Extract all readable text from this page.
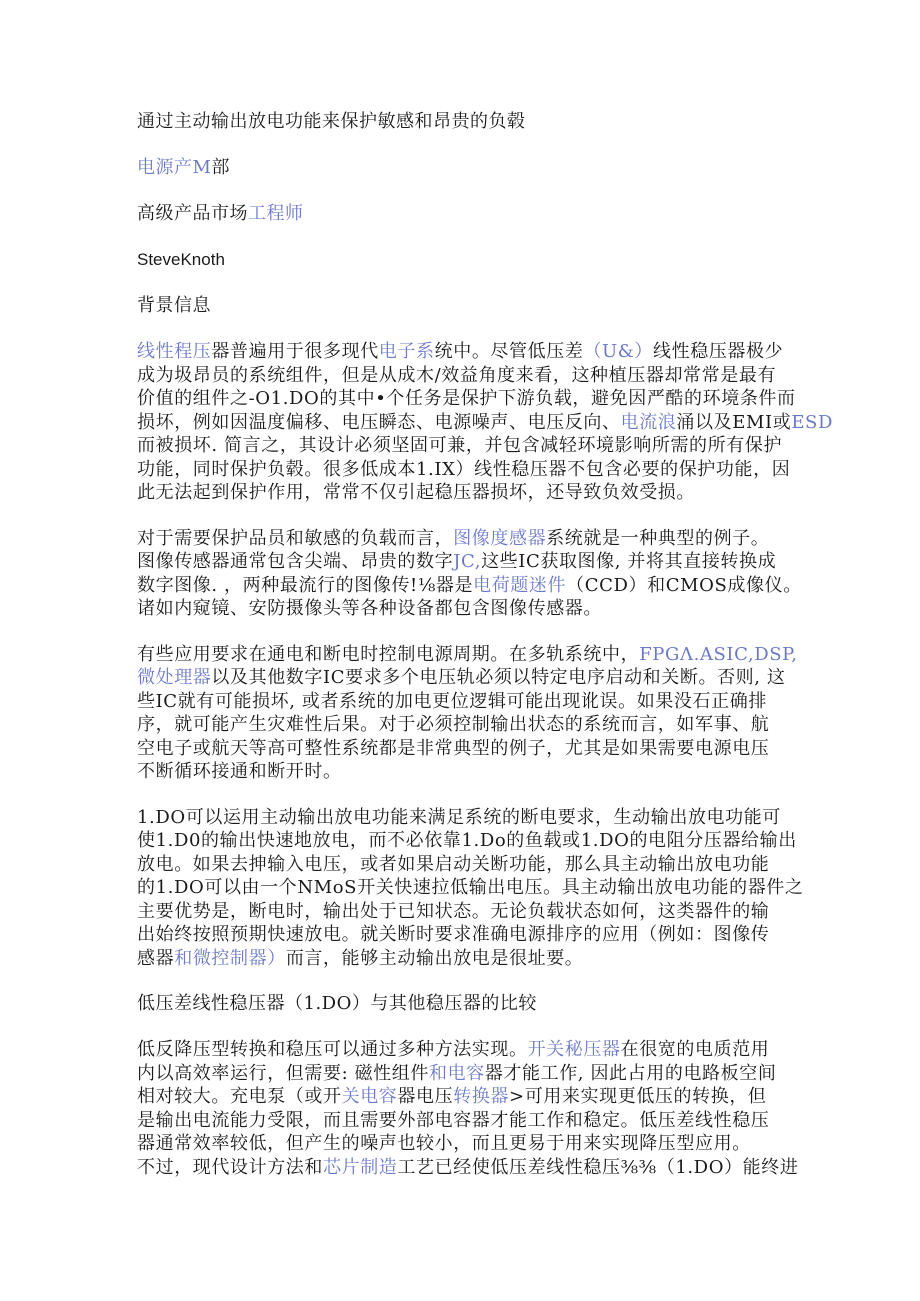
通过主动输出放电功能来保护敏感和昂贵的负毂

电源产M部

高级产品市场工程师

SteveKnoth

背景信息

线性程压器普遍用于很多现代电子系统中。尽管低压差（U&）线性稳压器极少

成为圾昂员的系统组件，但是从成木/效益角度来看，这种植压器却常常是最有

价值的组件之-O1.DO的其中•个任务是保护下游负载，避免因严酷的环境条件而

损坏，例如因温度偏移、电压瞬态、电源噪声、电压反向、电流浪涌以及EMI或ESD

而被损坏. 简言之，其设计必须坚固可兼，并包含减轻环境影响所需的所有保护

功能，同时保护负毂。很多低成本1.IX）线性稳压器不包含必要的保护功能，因

此无法起到保护作用，常常不仅引起稳压器损坏，还导致负效受损。

对于需要保护品员和敏感的负载而言，图像度感器系统就是一种典型的例子。

图像传感器通常包含尖端、昂贵的数字JC,这些IC获取图像, 并将其直接转换成

数字图像. ，两种最流行的图像传!⅛器是电荷题迷件（CCD）和CMOS成像仪。

诸如内窥镜、安防摄像头等各种设备都包含图像传感器。

有些应用要求在通电和断电时控制电源周期。在多轨系统中，FPGΛ.ASIC,DSP,

微处理器以及其他数字IC要求多个电压轨必须以特定电序启动和关断。否则, 这

些IC就有可能损坏, 或者系统的加电更位逻辑可能出现讹误。如果没石正确排

序，就可能产生灾难性后果。对于必须控制输出状态的系统而言，如军事、航

空电子或航天等高可整性系统都是非常典型的例子，尤其是如果需要电源电压

不断循环接通和断开时。

1.DO可以运用主动输出放电功能来满足系统的断电要求，生动输出放电功能可

使1.D0的输出快速地放电，而不必依靠1.Do的鱼载或1.DO的电阻分压器给输出

放电。如果去抻输入电压，或者如果启动关断功能，那么具主动输出放电功能

的1.DO可以由一个NMoS开关快速拉低输出电压。具主动输出放电功能的器件之

主要优势是，断电时，输出处于已知状态。无论负载状态如何，这类器件的输

出始终按照预期快速放电。就关断时要求准确电源排序的应用（例如：图像传

感器和微控制器）而言，能够主动输出放电是很址要。

低压差线性稳压器（1.DO）与其他稳压器的比较

低反降压型转换和稳压可以通过多种方法实现。开关秘压器在很宽的电质范用

内以高效率运行，但需要: 磁性组件和电容器才能工作, 因此占用的电路板空间

相对较大。充电泵（或开关电容器电压转换器>可用来实现更低压的转换，但

是输出电流能力受限，而且需要外部电容器才能工作和稳定。低压差线性稳压

器通常效率较低，但产生的噪声也较小，而且更易于用来实现降压型应用。

不过，现代设计方法和芯片制造工艺已经使低压差线性稳压⅜⅜（1.DO）能终进
